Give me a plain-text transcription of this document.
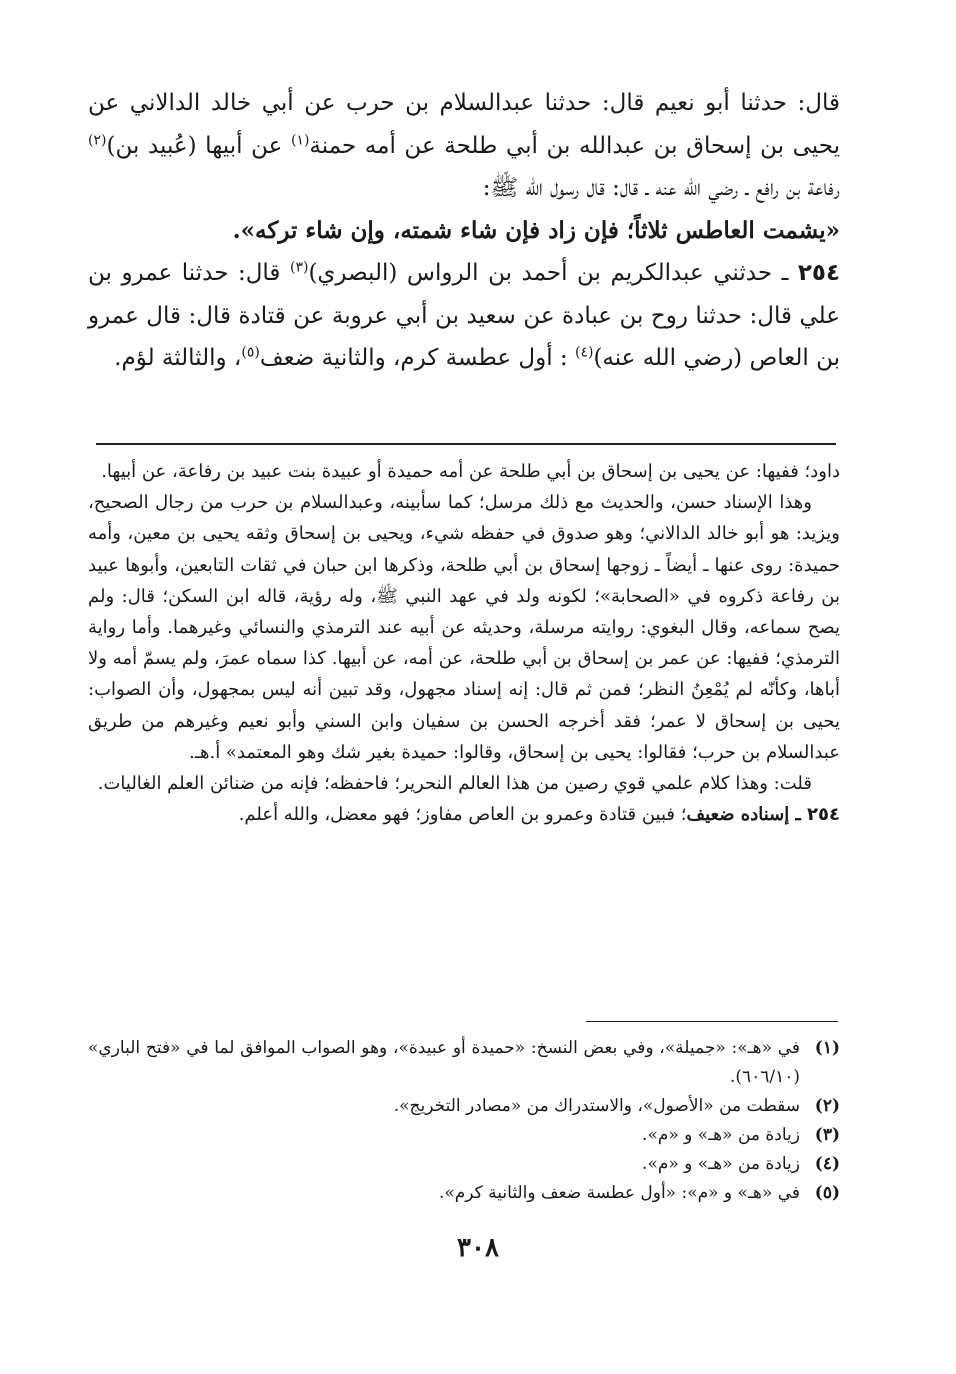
قال: حدثنا أبو نعيم قال: حدثنا عبدالسلام بن حرب عن أبي خالد الدالاني عن يحيى بن إسحاق بن عبدالله بن أبي طلحة عن أمه حمنة$^{(١)}$ عن أبيها (عُبيد بن)$^{(٢)}$ رفاعة بن رافع ـ رضي الله عنه ـ قال: قال رسول الله ﷺ:
«يشمت العاطس ثلاثاً؛ فإن زاد فإن شاء شمته، وإن شاء تركه».

٢٥٤ ـ حدثني عبدالكريم بن أحمد بن الرواس (البصري)$^{(٣)}$ قال: حدثنا عمرو بن علي قال: حدثنا روح بن عبادة عن سعيد بن أبي عروبة عن قتادة قال: قال عمرو بن العاص (رضي الله عنه)$^{(٤)}$ : أول عطسة كرم، والثانية ضعف$^{(٥)}$، والثالثة لؤم.

داود؛ ففيها: عن يحيى بن إسحاق بن أبي طلحة عن أمه حميدة أو عبيدة بنت عبيد بن رفاعة، عن أبيها.

وهذا الإسناد حسن، والحديث مع ذلك مرسل؛ كما سأبينه، وعبدالسلام بن حرب من رجال الصحيح، ويزيد: هو أبو خالد الدالاني؛ وهو صدوق في حفظه شيء، ويحيى بن إسحاق وثقه يحيى بن معين، وأمه حميدة: روى عنها ـ أيضاً ـ زوجها إسحاق بن أبي طلحة، وذكرها ابن حبان في ثقات التابعين، وأبوها عبيد بن رفاعة ذكروه في «الصحابة»؛ لكونه ولد في عهد النبي ﷺ، وله رؤية، قاله ابن السكن؛ قال: ولم يصح سماعه، وقال البغوي: روايته مرسلة، وحديثه عن أبيه عند الترمذي والنسائي وغيرهما. وأما رواية الترمذي؛ ففيها: عن عمر بن إسحاق بن أبي طلحة، عن أمه، عن أبيها. كذا سماه عمرَ، ولم يسمّ أمه ولا أباها، وكأنّه لم يُمْعِنُ النظر؛ فمن ثم قال: إنه إسناد مجهول، وقد تبين أنه ليس بمجهول، وأن الصواب: يحيى بن إسحاق لا عمر؛ فقد أخرجه الحسن بن سفيان وابن السني وأبو نعيم وغيرهم من طريق عبدالسلام بن حرب؛ فقالوا: يحيى بن إسحاق، وقالوا: حميدة بغير شك وهو المعتمد» أ.هـ.

قلت: وهذا كلام علمي قوي رصين من هذا العالم النحرير؛ فاحفظه؛ فإنه من ضنائن العلم الغاليات.

٢٥٤ ـ إسناده ضعيف؛ فبين قتادة وعمرو بن العاص مفاوز؛ فهو معضل، والله أعلم.

(١)
في «هـ»: «جميلة»، وفي بعض النسخ: «حميدة أو عبيدة»، وهو الصواب الموافق لما في «فتح الباري» (٦٠٦/١٠).
(٢)
سقطت من «الأصول»، والاستدراك من «مصادر التخريج».
(٣)
زيادة من «هـ» و «م».
(٤)
زيادة من «هـ» و «م».
(٥)
في «هـ» و «م»: «أول عطسة ضعف والثانية كرم».
٣٠٨
